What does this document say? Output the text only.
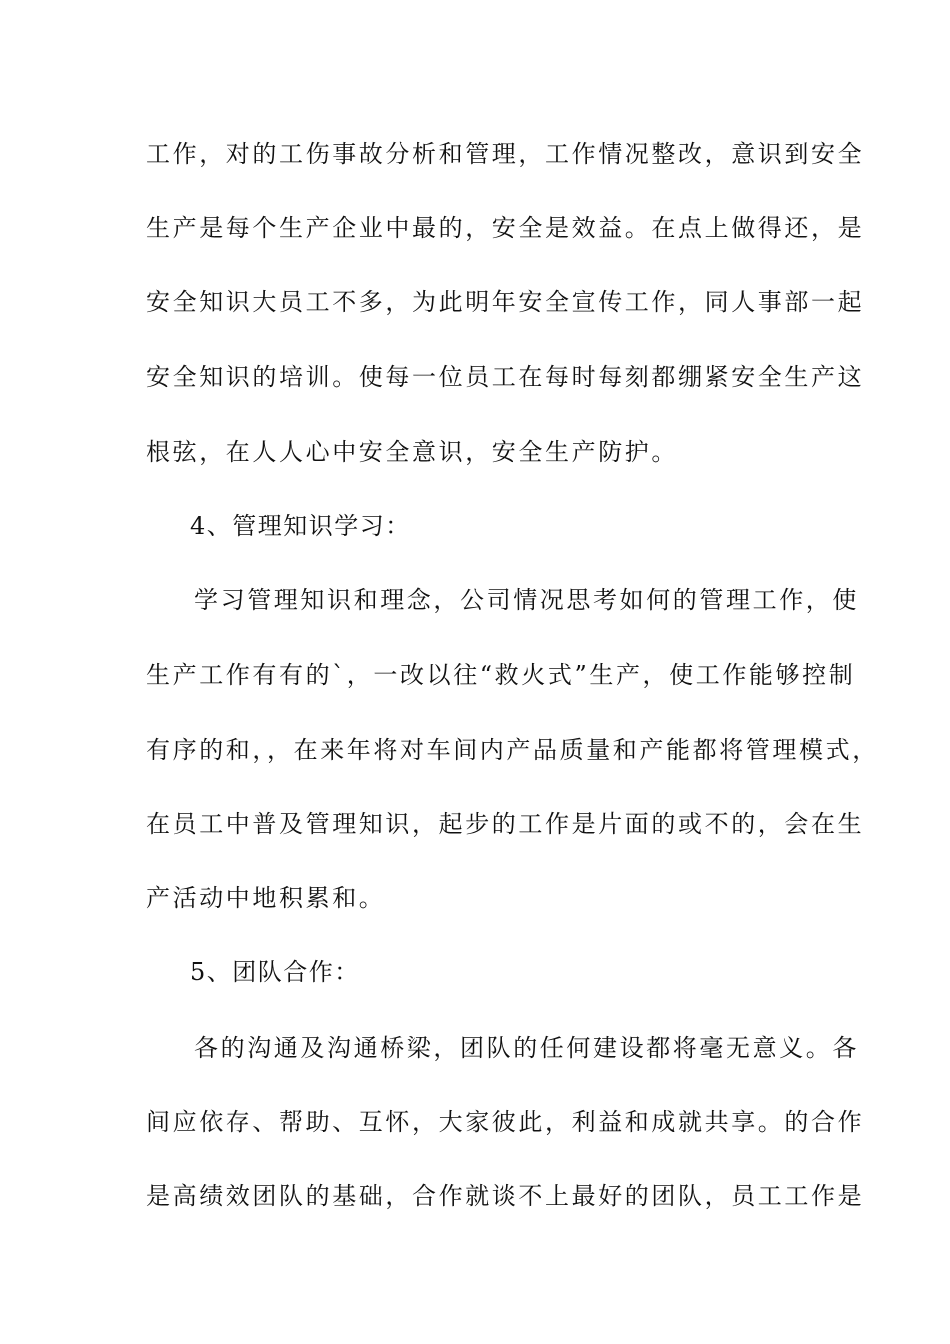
工作，对的工伤事故分析和管理，工作情况整改，意识到安全
生产是每个生产企业中最的，安全是效益。在点上做得还，是
安全知识大员工不多，为此明年安全宣传工作，同人事部一起
安全知识的培训。使每一位员工在每时每刻都绷紧安全生产这
根弦，在人人心中安全意识，安全生产防护。
4、管理知识学习：
学习管理知识和理念，公司情况思考如何的管理工作，使
生产工作有有的`，一改以往“救火式”生产，使工作能够控制
有序的和，，在来年将对车间内产品质量和产能都将管理模式，
在员工中普及管理知识，起步的工作是片面的或不的，会在生
产活动中地积累和。
5、团队合作：
各的沟通及沟通桥梁，团队的任何建设都将毫无意义。各
间应依存、帮助、互怀，大家彼此，利益和成就共享。的合作
是高绩效团队的基础，合作就谈不上最好的团队，员工工作是
